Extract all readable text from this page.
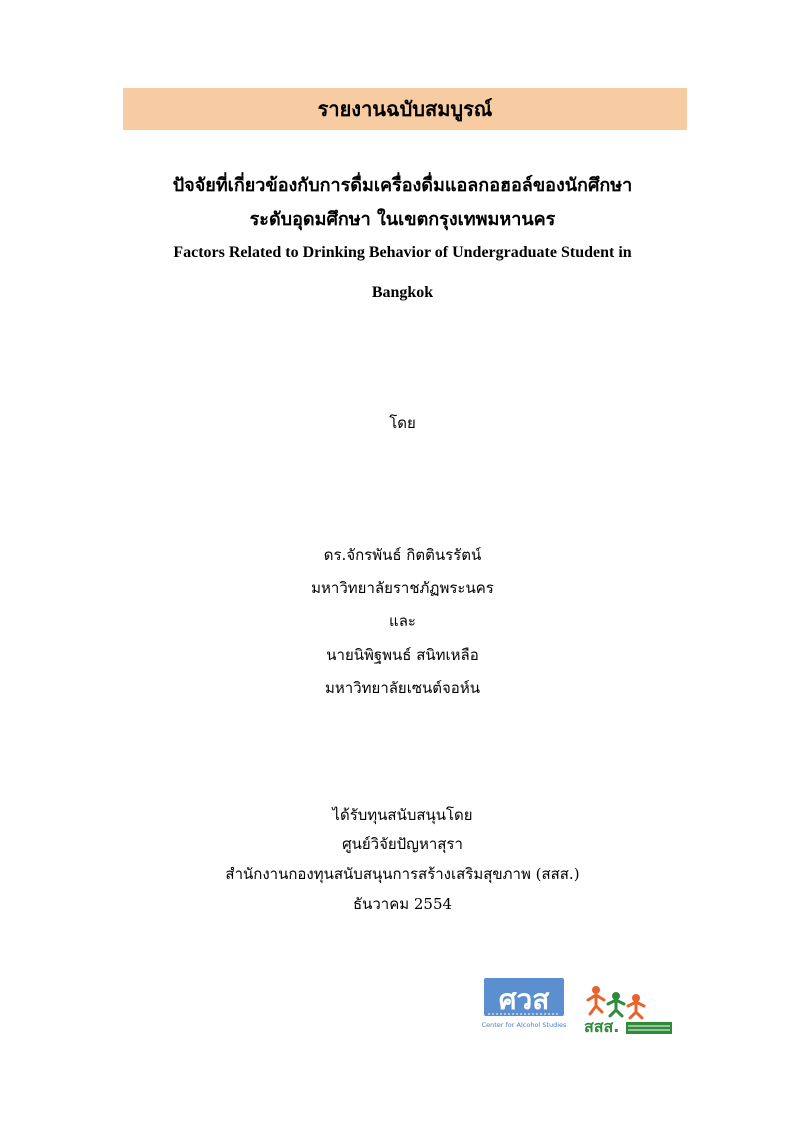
รายงานฉบับสมบูรณ์
ปัจจัยที่เกี่ยวข้องกับการดื่มเครื่องดื่มแอลกอฮอล์ของนักศึกษา
ระดับอุดมศึกษา ในเขตกรุงเทพมหานคร
Factors Related to Drinking Behavior of Undergraduate Student in
Bangkok
โดย
ดร.จักรพันธ์ กิตตินรรัตน์
มหาวิทยาลัยราชภัฏพระนคร
และ
นายนิพิฐพนธ์ สนิทเหลือ
มหาวิทยาลัยเซนต์จอห์น
ได้รับทุนสนับสนุนโดย
ศูนย์วิจัยปัญหาสุรา
สำนักงานกองทุนสนับสนุนการสร้างเสริมสุขภาพ (สสส.)
ธันวาคม 2554
ศวส
Center for Alcohol Studies สสส.
